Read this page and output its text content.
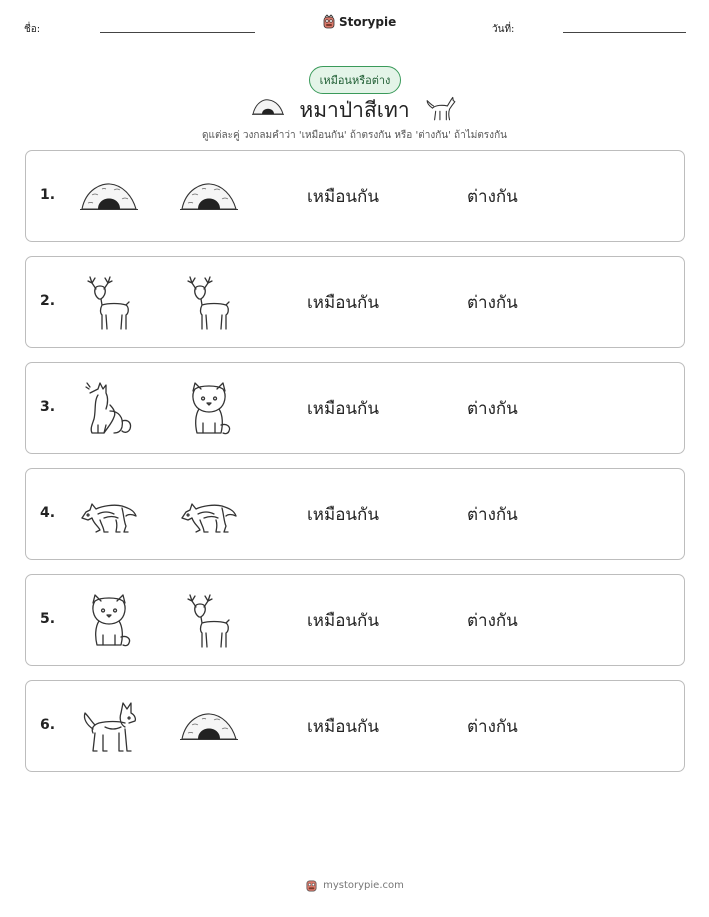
ชื่อ:
Storypie
วันที่:
เหมือนหรือต่าง
หมาป่าสีเทา
ดูแต่ละคู่ วงกลมคำว่า 'เหมือนกัน' ถ้าตรงกัน หรือ 'ต่างกัน' ถ้าไม่ตรงกัน
1.	เหมือนกัน	ต่างกัน
2.	เหมือนกัน	ต่างกัน
3.	เหมือนกัน	ต่างกัน
4.	เหมือนกัน	ต่างกัน
5.	เหมือนกัน	ต่างกัน
6.	เหมือนกัน	ต่างกัน
mystorypie.com
